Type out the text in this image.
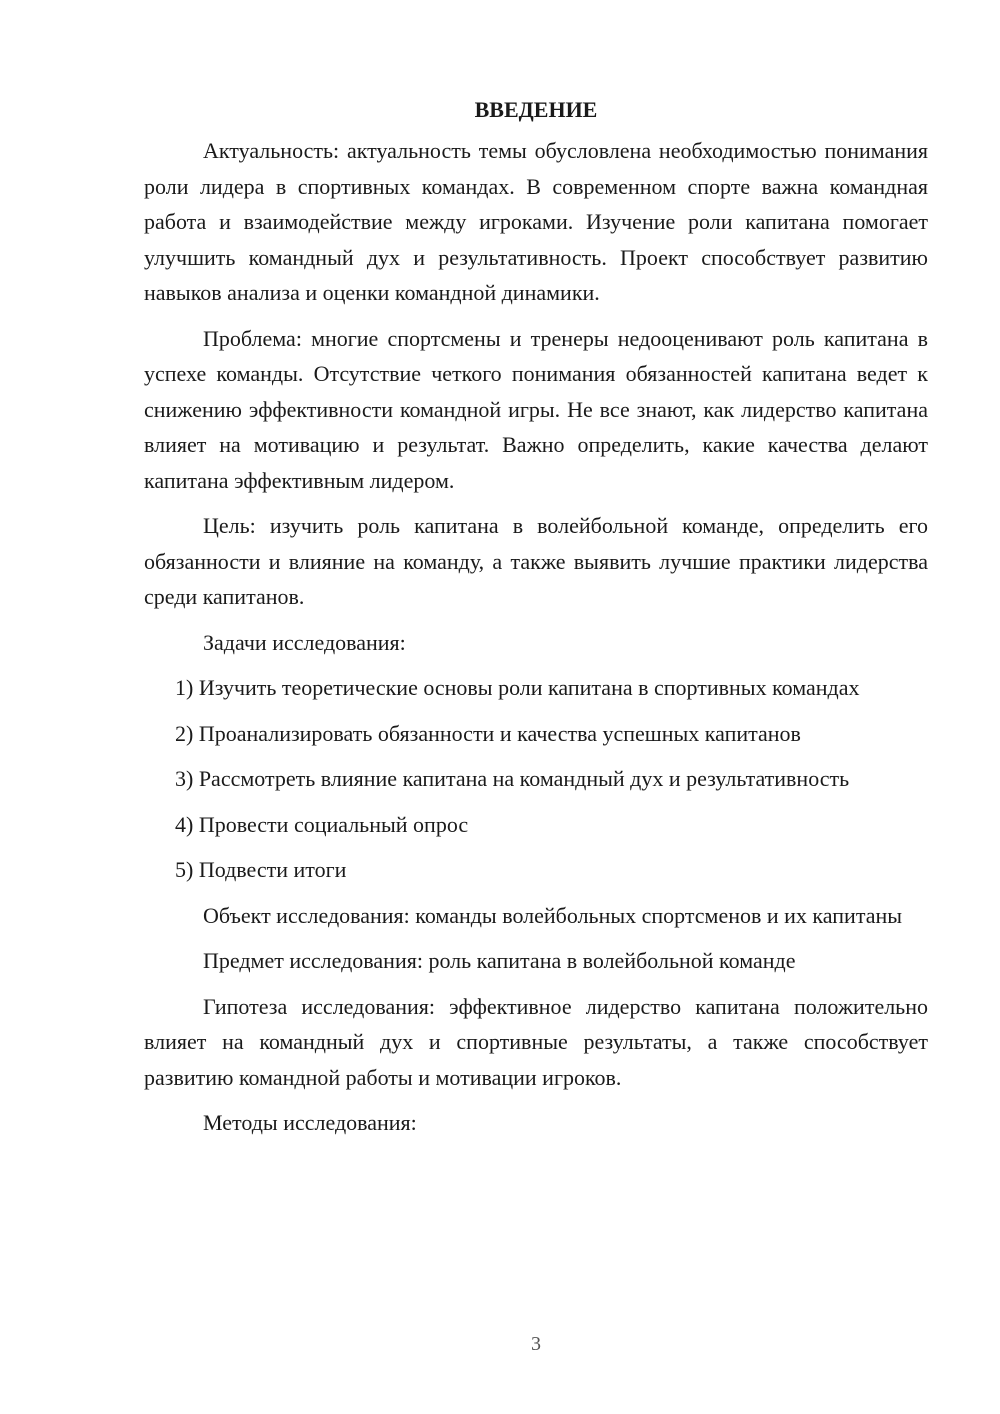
ВВЕДЕНИЕ

Актуальность: актуальность темы обусловлена необходимостью понимания роли лидера в спортивных командах. В современном спорте важна командная работа и взаимодействие между игроками. Изучение роли капитана помогает улучшить командный дух и результативность. Проект способствует развитию навыков анализа и оценки командной динамики.

Проблема: многие спортсмены и тренеры недооценивают роль капитана в успехе команды. Отсутствие четкого понимания обязанностей капитана ведет к снижению эффективности командной игры. Не все знают, как лидерство капитана влияет на мотивацию и результат. Важно определить, какие качества делают капитана эффективным лидером.

Цель: изучить роль капитана в волейбольной команде, определить его обязанности и влияние на команду, а также выявить лучшие практики лидерства среди капитанов.

Задачи исследования:

1) Изучить теоретические основы роли капитана в спортивных командах

2) Проанализировать обязанности и качества успешных капитанов

3) Рассмотреть влияние капитана на командный дух и результативность

4) Провести социальный опрос

5) Подвести итоги

Объект исследования: команды волейбольных спортсменов и их капитаны

Предмет исследования: роль капитана в волейбольной команде

Гипотеза исследования: эффективное лидерство капитана положительно влияет на командный дух и спортивные результаты, а также способствует развитию командной работы и мотивации игроков.

Методы исследования:

3
